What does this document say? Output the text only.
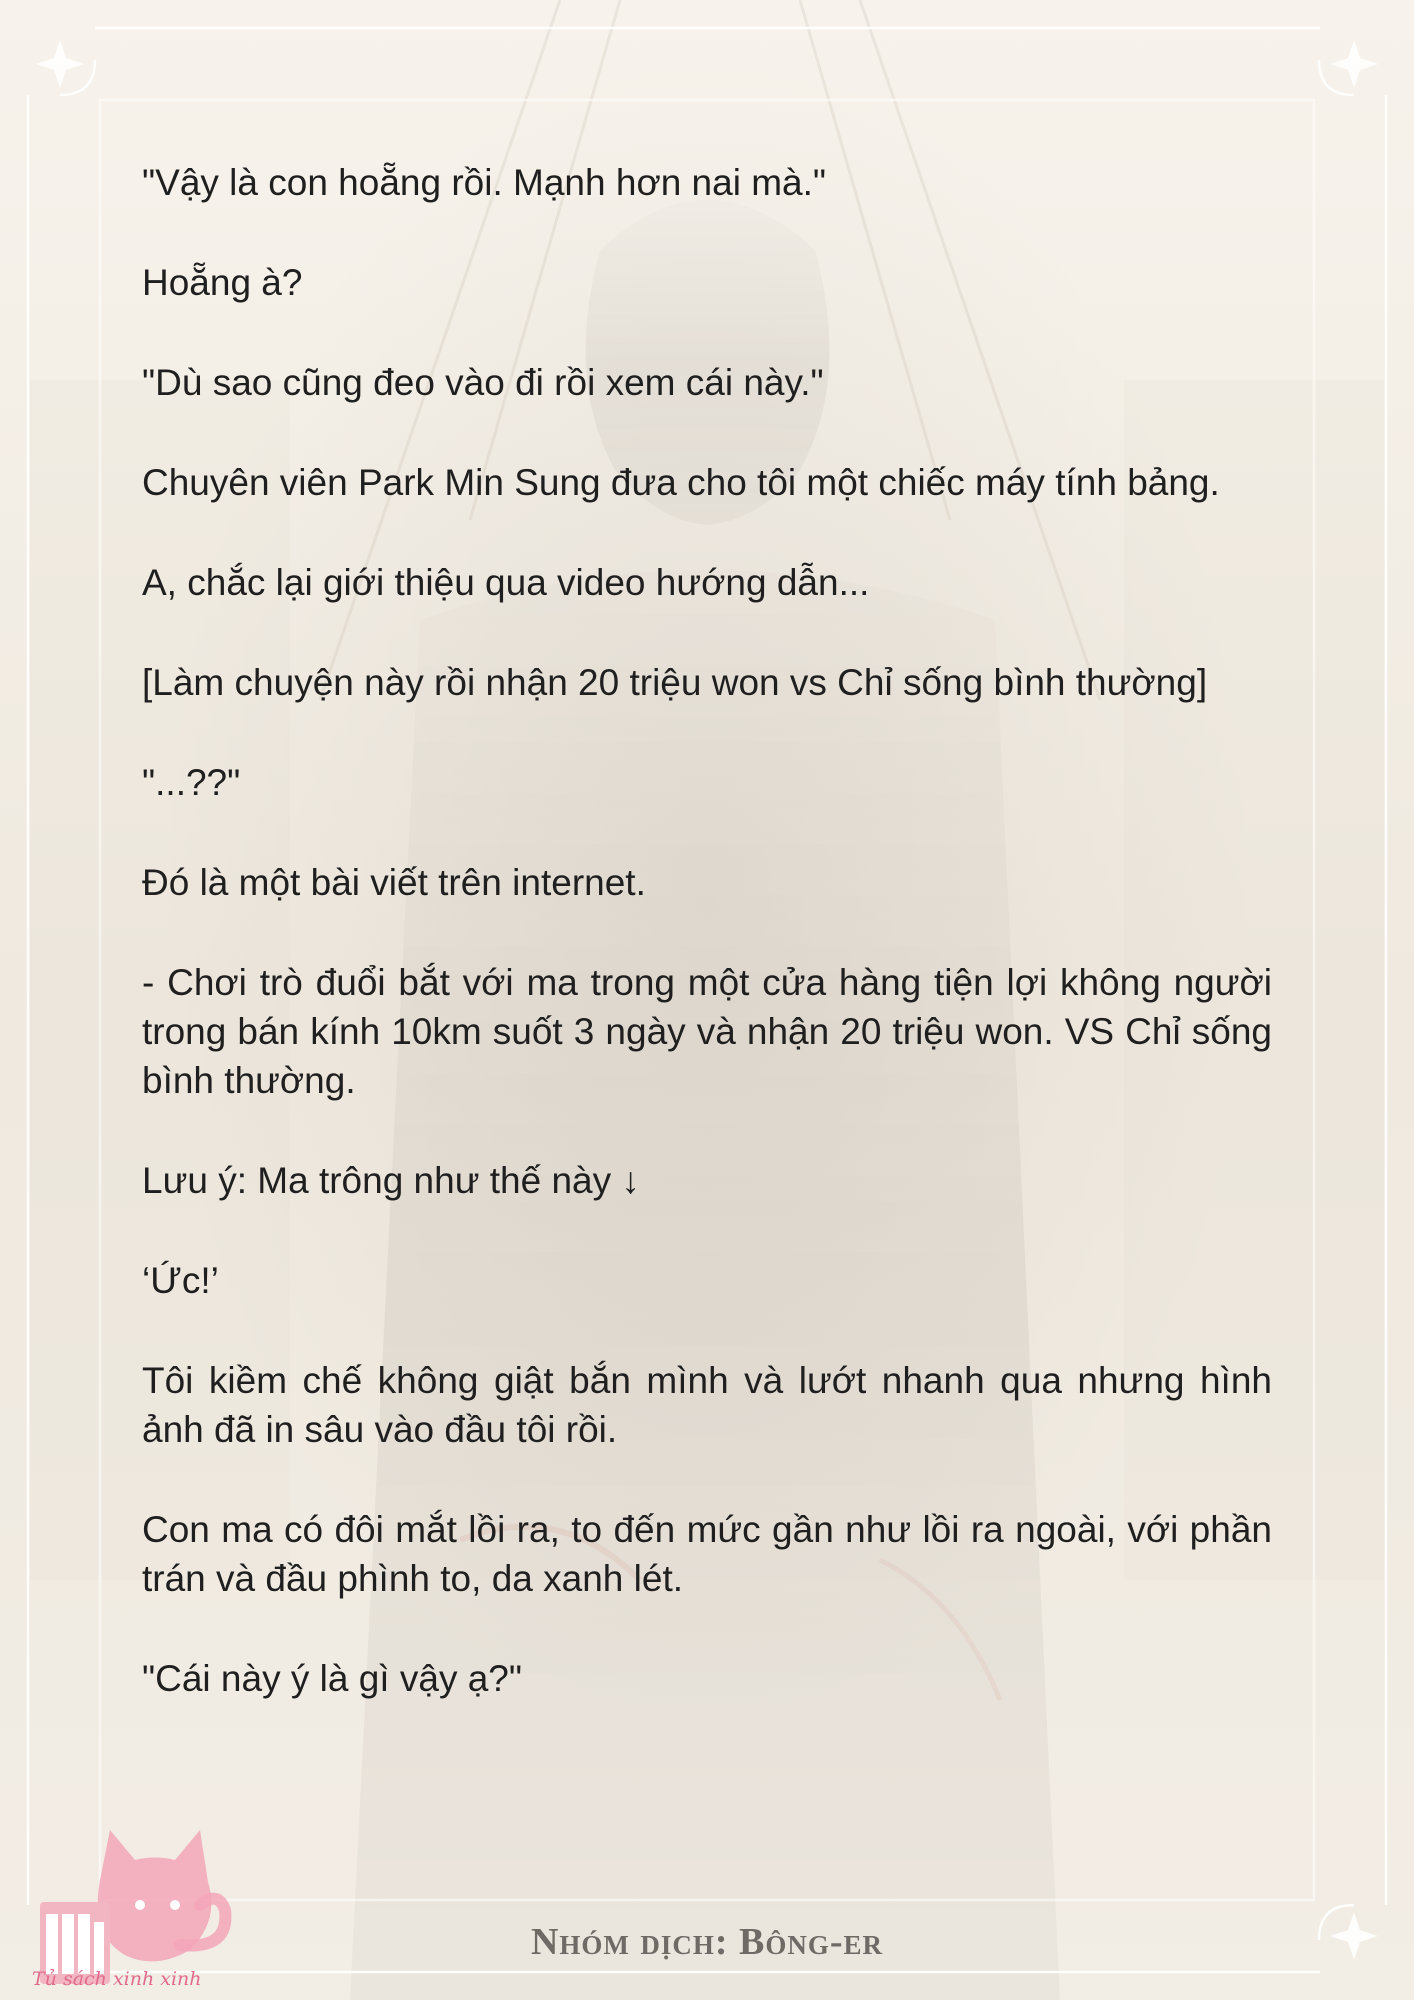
"Vậy là con hoẵng rồi. Mạnh hơn nai mà."

Hoẵng à?

"Dù sao cũng đeo vào đi rồi xem cái này."

Chuyên viên Park Min Sung đưa cho tôi một chiếc máy tính bảng.

A, chắc lại giới thiệu qua video hướng dẫn...

[Làm chuyện này rồi nhận 20 triệu won vs Chỉ sống bình thường]

"...??"

Đó là một bài viết trên internet.

- Chơi trò đuổi bắt với ma trong một cửa hàng tiện lợi không người trong bán kính 10km suốt 3 ngày và nhận 20 triệu won. VS Chỉ sống bình thường.

Lưu ý: Ma trông như thế này ↓

‘Ức!’

Tôi kiềm chế không giật bắn mình và lướt nhanh qua nhưng hình ảnh đã in sâu vào đầu tôi rồi.

Con ma có đôi mắt lồi ra, to đến mức gần như lồi ra ngoài, với phần trán và đầu phình to, da xanh lét.

"Cái này ý là gì vậy ạ?"

Tủ sách xinh xinh
Nhóm dịch: Bông-er
